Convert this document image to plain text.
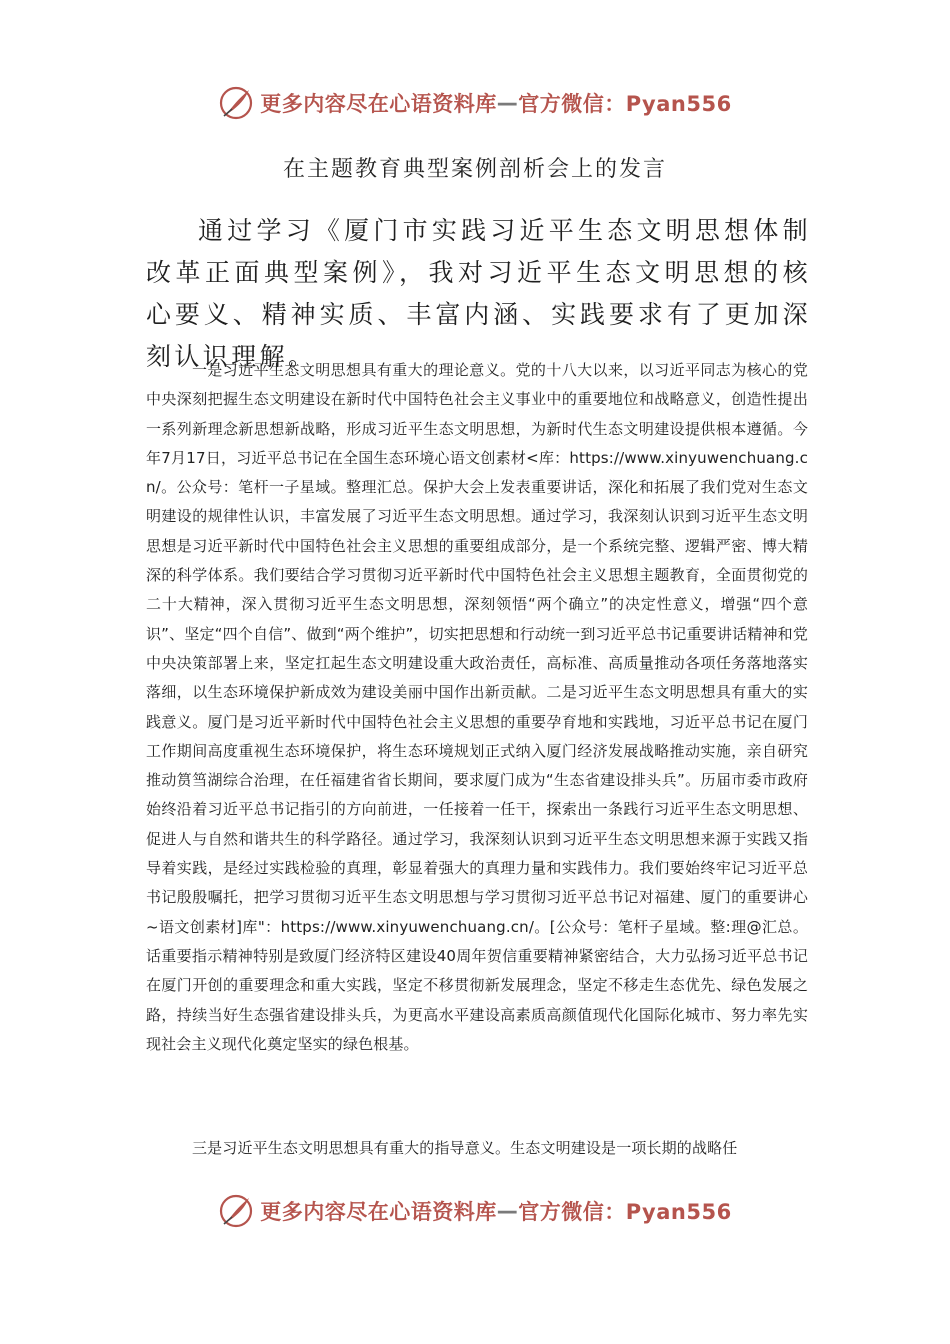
更多内容尽在心语资料库 — 官方微信：Pyan556
在主题教育典型案例剖析会上的发言

通过学习《厦门市实践习近平生态文明思想体制改革正面典型案例》，我对习近平生态文明思想的核心要义、精神实质、丰富内涵、实践要求有了更加深刻认识理解。

一是习近平生态文明思想具有重大的理论意义。党的十八大以来，以习近平同志为核心的党中央深刻把握生态文明建设在新时代中国特色社会主义事业中的重要地位和战略意义，创造性提出一系列新理念新思想新战略，形成习近平生态文明思想，为新时代生态文明建设提供根本遵循。今年7月17日，习近平总书记在全国生态环境心语文创素材<库：https://www.xinyuwenchuang.cn/。公众号：笔杆一子星域。整理汇总。保护大会上发表重要讲话，深化和拓展了我们党对生态文明建设的规律性认识，丰富发展了习近平生态文明思想。通过学习，我深刻认识到习近平生态文明思想是习近平新时代中国特色社会主义思想的重要组成部分，是一个系统完整、逻辑严密、博大精深的科学体系。我们要结合学习贯彻习近平新时代中国特色社会主义思想主题教育，全面贯彻党的二十大精神，深入贯彻习近平生态文明思想，深刻领悟“两个确立”的决定性意义，增强“四个意识”、坚定“四个自信”、做到“两个维护”，切实把思想和行动统一到习近平总书记重要讲话精神和党中央决策部署上来，坚定扛起生态文明建设重大政治责任，高标准、高质量推动各项任务落地落实落细，以生态环境保护新成效为建设美丽中国作出新贡献。二是习近平生态文明思想具有重大的实践意义。厦门是习近平新时代中国特色社会主义思想的重要孕育地和实践地，习近平总书记在厦门工作期间高度重视生态环境保护，将生态环境规划正式纳入厦门经济发展战略推动实施，亲自研究推动筼筜湖综合治理，在任福建省省长期间，要求厦门成为“生态省建设排头兵”。历届市委市政府始终沿着习近平总书记指引的方向前进，一任接着一任干，探索出一条践行习近平生态文明思想、促进人与自然和谐共生的科学路径。通过学习，我深刻认识到习近平生态文明思想来源于实践又指导着实践，是经过实践检验的真理，彰显着强大的真理力量和实践伟力。我们要始终牢记习近平总书记殷殷嘱托，把学习贯彻习近平生态文明思想与学习贯彻习近平总书记对福建、厦门的重要讲心~语文创素材]库"：https://www.xinyuwenchuang.cn/。[公众号：笔杆子星域。整:理@汇总。话重要指示精神特别是致厦门经济特区建设40周年贺信重要精神紧密结合，大力弘扬习近平总书记在厦门开创的重要理念和重大实践，坚定不移贯彻新发展理念，坚定不移走生态优先、绿色发展之路，持续当好生态强省建设排头兵，为更高水平建设高素质高颜值现代化国际化城市、努力率先实现社会主义现代化奠定坚实的绿色根基。

三是习近平生态文明思想具有重大的指导意义。生态文明建设是一项长期的战略任

更多内容尽在心语资料库 — 官方微信：Pyan556
